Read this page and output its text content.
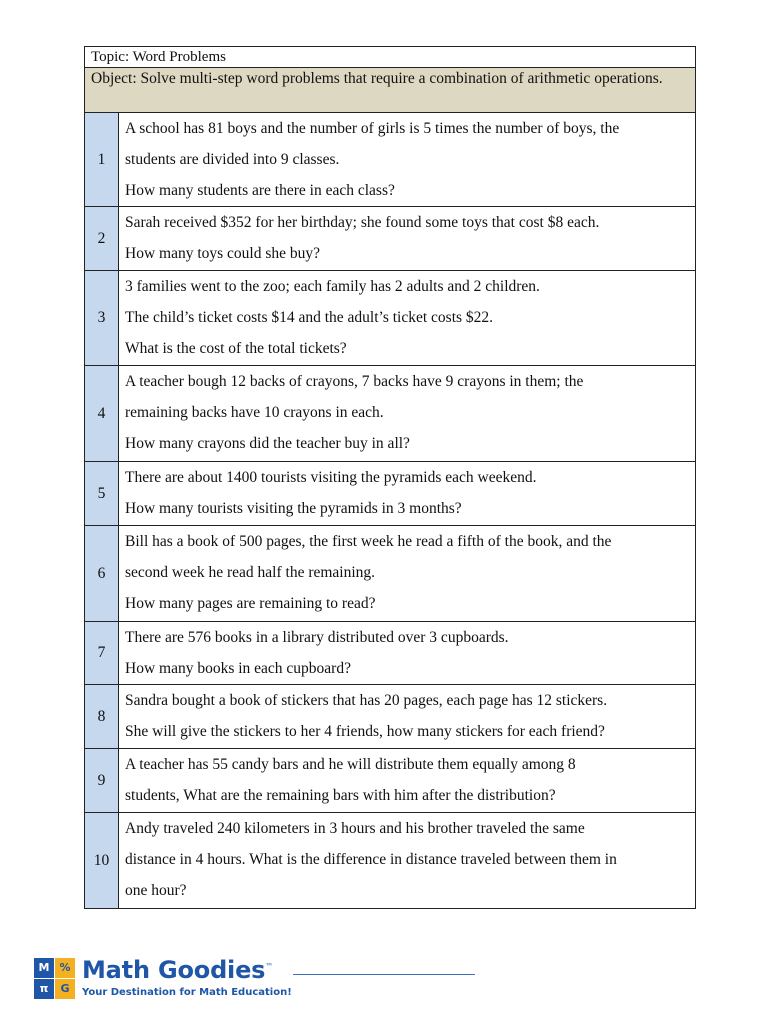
Topic: Word Problems	
Object: Solve multi-step word problems that require a combination of arithmetic operations.	
1	A school has 81 boys and the number of girls is 5 times the number of boys, the
students are divided into 9 classes.
How many students are there in each class?

2	Sarah received $352 for her birthday; she found some toys that cost $8 each.
How many toys could she buy?

3	3 families went to the zoo; each family has 2 adults and 2 children.
The child’s ticket costs $14 and the adult’s ticket costs $22.
What is the cost of the total tickets?

4	A teacher bough 12 backs of crayons, 7 backs have 9 crayons in them; the
remaining backs have 10 crayons in each.
How many crayons did the teacher buy in all?

5	There are about 1400 tourists visiting the pyramids each weekend.
How many tourists visiting the pyramids in 3 months?

6	Bill has a book of 500 pages, the first week he read a fifth of the book, and the
second week he read half the remaining.
How many pages are remaining to read?

7	There are 576 books in a library distributed over 3 cupboards.
How many books in each cupboard?

8	Sandra bought a book of stickers that has 20 pages, each page has 12 stickers.
She will give the stickers to her 4 friends, how many stickers for each friend?

9	A teacher has 55 candy bars and he will distribute them equally among 8
students, What are the remaining bars with him after the distribution?

10	Andy traveled 240 kilometers in 3 hours and his brother traveled the same
distance in 4 hours. What is the difference in distance traveled between them in
one hour?
M %
π	G
Math Goodies™
Your Destination for Math Education!
